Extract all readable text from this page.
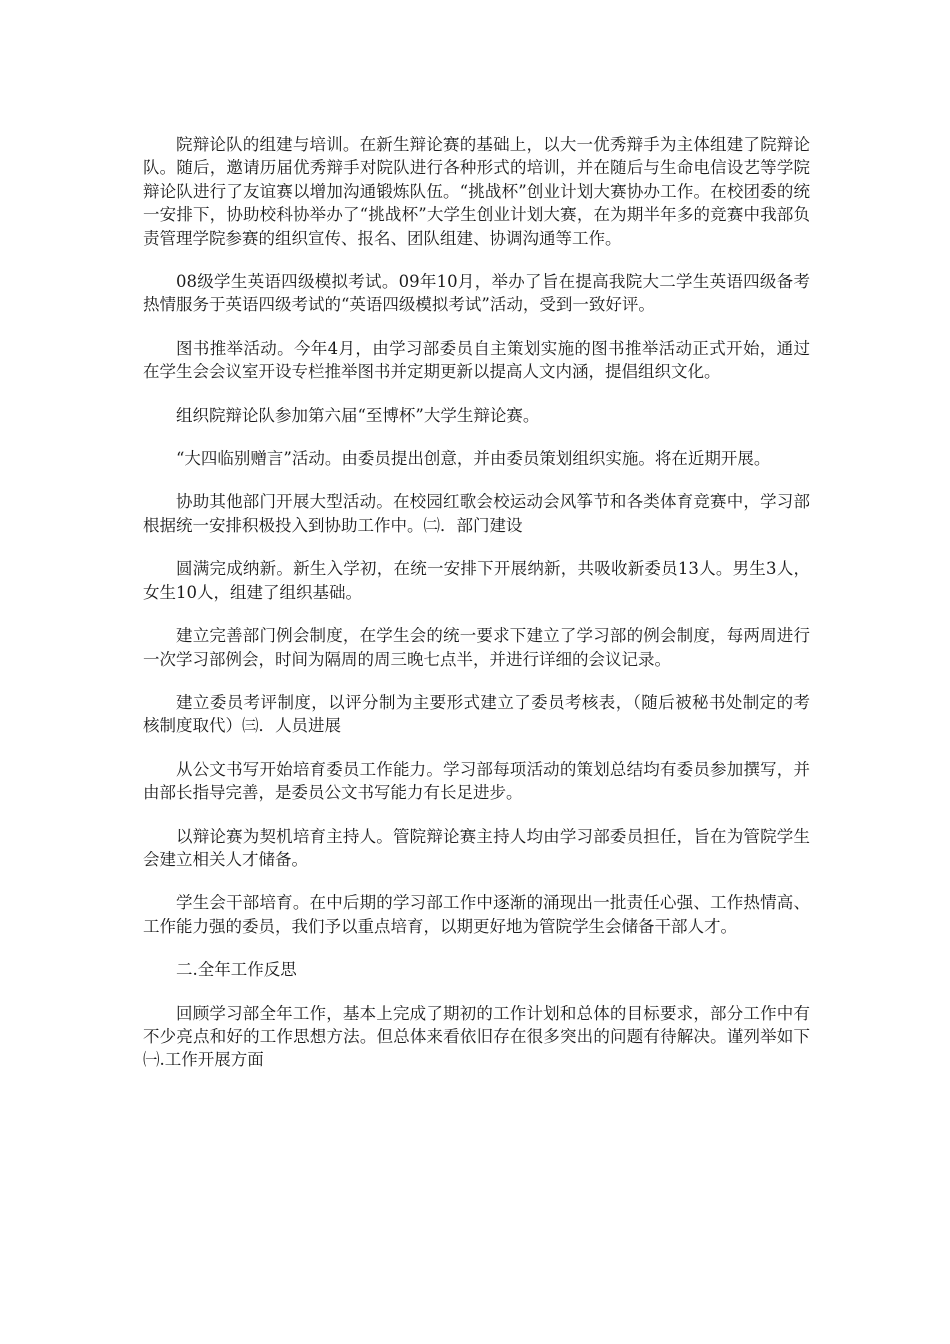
院辩论队的组建与培训。在新生辩论赛的基础上，以大一优秀辩手为主体组建了院辩论队。随后，邀请历届优秀辩手对院队进行各种形式的培训，并在随后与生命电信设艺等学院辩论队进行了友谊赛以增加沟通锻炼队伍。“挑战杯”创业计划大赛协办工作。在校团委的统一安排下，协助校科协举办了“挑战杯”大学生创业计划大赛，在为期半年多的竞赛中我部负责管理学院参赛的组织宣传、报名、团队组建、协调沟通等工作。

08级学生英语四级模拟考试。09年10月，举办了旨在提高我院大二学生英语四级备考热情服务于英语四级考试的“英语四级模拟考试”活动，受到一致好评。

图书推举活动。今年4月，由学习部委员自主策划实施的图书推举活动正式开始，通过在学生会会议室开设专栏推举图书并定期更新以提高人文内涵，提倡组织文化。

组织院辩论队参加第六届“至博杯”大学生辩论赛。

“大四临别赠言”活动。由委员提出创意，并由委员策划组织实施。将在近期开展。

协助其他部门开展大型活动。在校园红歌会校运动会风筝节和各类体育竞赛中，学习部根据统一安排积极投入到协助工作中。㈡．部门建设

圆满完成纳新。新生入学初，在统一安排下开展纳新，共吸收新委员13人。男生3人，女生10人，组建了组织基础。

建立完善部门例会制度，在学生会的统一要求下建立了学习部的例会制度，每两周进行一次学习部例会，时间为隔周的周三晚七点半，并进行详细的会议记录。

建立委员考评制度，以评分制为主要形式建立了委员考核表，（随后被秘书处制定的考核制度取代）㈢．人员进展

从公文书写开始培育委员工作能力。学习部每项活动的策划总结均有委员参加撰写，并由部长指导完善，是委员公文书写能力有长足进步。

以辩论赛为契机培育主持人。管院辩论赛主持人均由学习部委员担任，旨在为管院学生会建立相关人才储备。

学生会干部培育。在中后期的学习部工作中逐渐的涌现出一批责任心强、工作热情高、工作能力强的委员，我们予以重点培育，以期更好地为管院学生会储备干部人才。

二.全年工作反思

回顾学习部全年工作，基本上完成了期初的工作计划和总体的目标要求，部分工作中有不少亮点和好的工作思想方法。但总体来看依旧存在很多突出的问题有待解决。谨列举如下㈠.工作开展方面
